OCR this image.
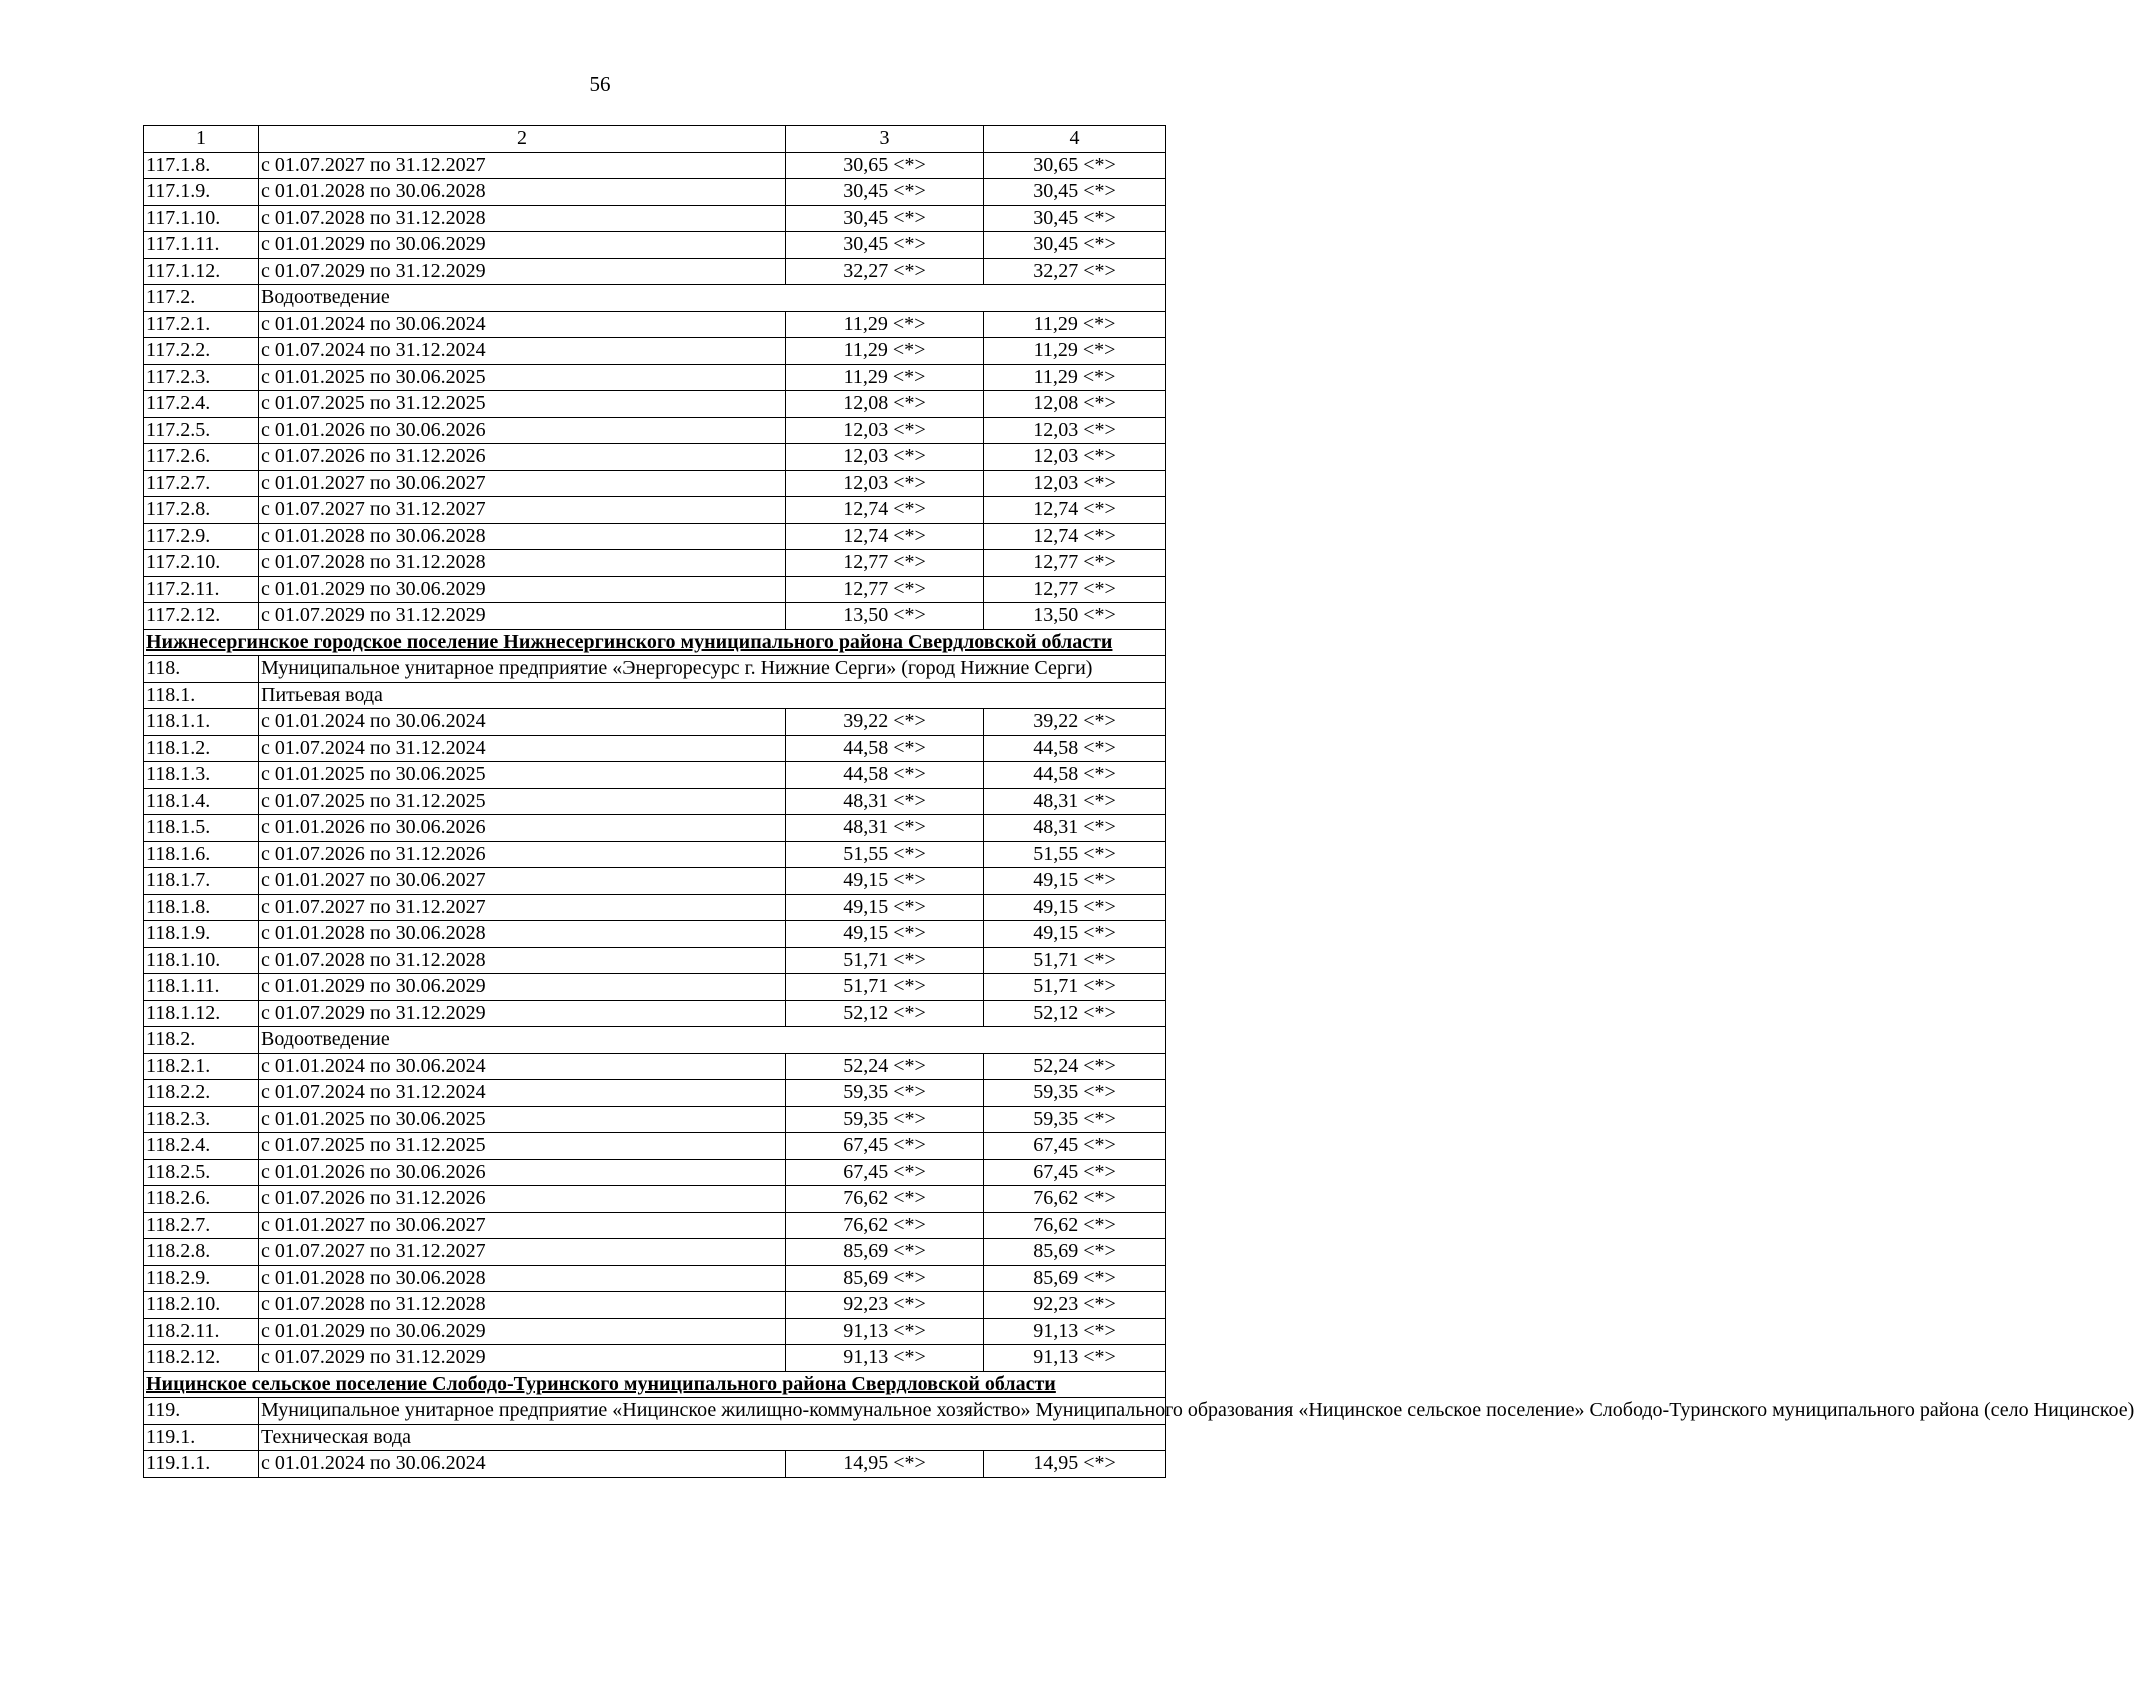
56
1	2	3	4
117.1.8.	с 01.07.2027 по 31.12.2027	30,65 <*>	30,65 <*>
117.1.9.	с 01.01.2028 по 30.06.2028	30,45 <*>	30,45 <*>
117.1.10.	с 01.07.2028 по 31.12.2028	30,45 <*>	30,45 <*>
117.1.11.	с 01.01.2029 по 30.06.2029	30,45 <*>	30,45 <*>
117.1.12.	с 01.07.2029 по 31.12.2029	32,27 <*>	32,27 <*>
117.2.	Водоотведение		
117.2.1.	с 01.01.2024 по 30.06.2024	11,29 <*>	11,29 <*>
117.2.2.	с 01.07.2024 по 31.12.2024	11,29 <*>	11,29 <*>
117.2.3.	с 01.01.2025 по 30.06.2025	11,29 <*>	11,29 <*>
117.2.4.	с 01.07.2025 по 31.12.2025	12,08 <*>	12,08 <*>
117.2.5.	с 01.01.2026 по 30.06.2026	12,03 <*>	12,03 <*>
117.2.6.	с 01.07.2026 по 31.12.2026	12,03 <*>	12,03 <*>
117.2.7.	с 01.01.2027 по 30.06.2027	12,03 <*>	12,03 <*>
117.2.8.	с 01.07.2027 по 31.12.2027	12,74 <*>	12,74 <*>
117.2.9.	с 01.01.2028 по 30.06.2028	12,74 <*>	12,74 <*>
117.2.10.	с 01.07.2028 по 31.12.2028	12,77 <*>	12,77 <*>
117.2.11.	с 01.01.2029 по 30.06.2029	12,77 <*>	12,77 <*>
117.2.12.	с 01.07.2029 по 31.12.2029	13,50 <*>	13,50 <*>
Нижнесергинское городское поселение Нижнесергинского муниципального района Свердловской области			
118.	Муниципальное унитарное предприятие «Энергоресурс г. Нижние Серги» (город Нижние Серги)		
118.1.	Питьевая вода		
118.1.1.	с 01.01.2024 по 30.06.2024	39,22 <*>	39,22 <*>
118.1.2.	с 01.07.2024 по 31.12.2024	44,58 <*>	44,58 <*>
118.1.3.	с 01.01.2025 по 30.06.2025	44,58 <*>	44,58 <*>
118.1.4.	с 01.07.2025 по 31.12.2025	48,31 <*>	48,31 <*>
118.1.5.	с 01.01.2026 по 30.06.2026	48,31 <*>	48,31 <*>
118.1.6.	с 01.07.2026 по 31.12.2026	51,55 <*>	51,55 <*>
118.1.7.	с 01.01.2027 по 30.06.2027	49,15 <*>	49,15 <*>
118.1.8.	с 01.07.2027 по 31.12.2027	49,15 <*>	49,15 <*>
118.1.9.	с 01.01.2028 по 30.06.2028	49,15 <*>	49,15 <*>
118.1.10.	с 01.07.2028 по 31.12.2028	51,71 <*>	51,71 <*>
118.1.11.	с 01.01.2029 по 30.06.2029	51,71 <*>	51,71 <*>
118.1.12.	с 01.07.2029 по 31.12.2029	52,12 <*>	52,12 <*>
118.2.	Водоотведение		
118.2.1.	с 01.01.2024 по 30.06.2024	52,24 <*>	52,24 <*>
118.2.2.	с 01.07.2024 по 31.12.2024	59,35 <*>	59,35 <*>
118.2.3.	с 01.01.2025 по 30.06.2025	59,35 <*>	59,35 <*>
118.2.4.	с 01.07.2025 по 31.12.2025	67,45 <*>	67,45 <*>
118.2.5.	с 01.01.2026 по 30.06.2026	67,45 <*>	67,45 <*>
118.2.6.	с 01.07.2026 по 31.12.2026	76,62 <*>	76,62 <*>
118.2.7.	с 01.01.2027 по 30.06.2027	76,62 <*>	76,62 <*>
118.2.8.	с 01.07.2027 по 31.12.2027	85,69 <*>	85,69 <*>
118.2.9.	с 01.01.2028 по 30.06.2028	85,69 <*>	85,69 <*>
118.2.10.	с 01.07.2028 по 31.12.2028	92,23 <*>	92,23 <*>
118.2.11.	с 01.01.2029 по 30.06.2029	91,13 <*>	91,13 <*>
118.2.12.	с 01.07.2029 по 31.12.2029	91,13 <*>	91,13 <*>
Ницинское сельское поселение Слободо-Туринского муниципального района Свердловской области			
119.	Муниципальное унитарное предприятие «Ницинское жилищно-коммунальное хозяйство» Муниципального образования «Ницинское сельское поселение» Слободо-Туринского муниципального района (село Ницинское)		
119.1.	Техническая вода		
119.1.1.	с 01.01.2024 по 30.06.2024	14,95 <*>	14,95 <*>
